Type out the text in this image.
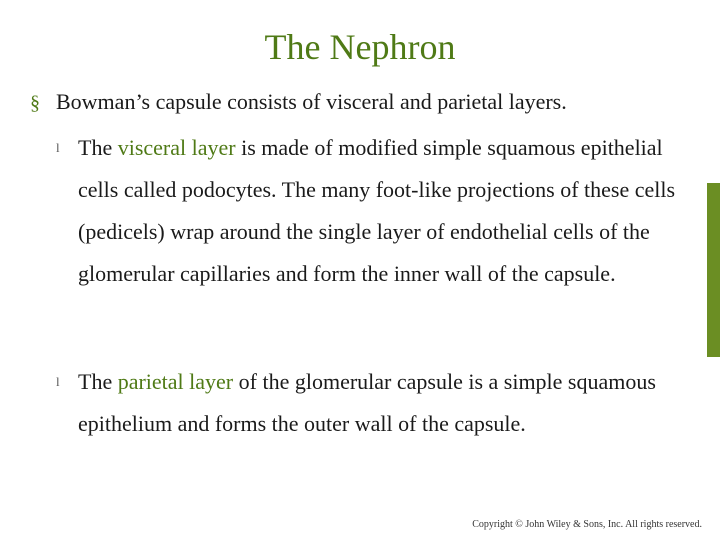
The Nephron
§ Bowman’s capsule consists of visceral and parietal layers.
l The visceral layer is made of modified simple squamous epithelial cells called podocytes. The many foot-like projections of these cells (pedicels) wrap around the single layer of endothelial cells of the glomerular capillaries and form the inner wall of the capsule.
l The parietal layer of the glomerular capsule is a simple squamous epithelium and forms the outer wall of the capsule.
Copyright © John Wiley & Sons, Inc. All rights reserved.
